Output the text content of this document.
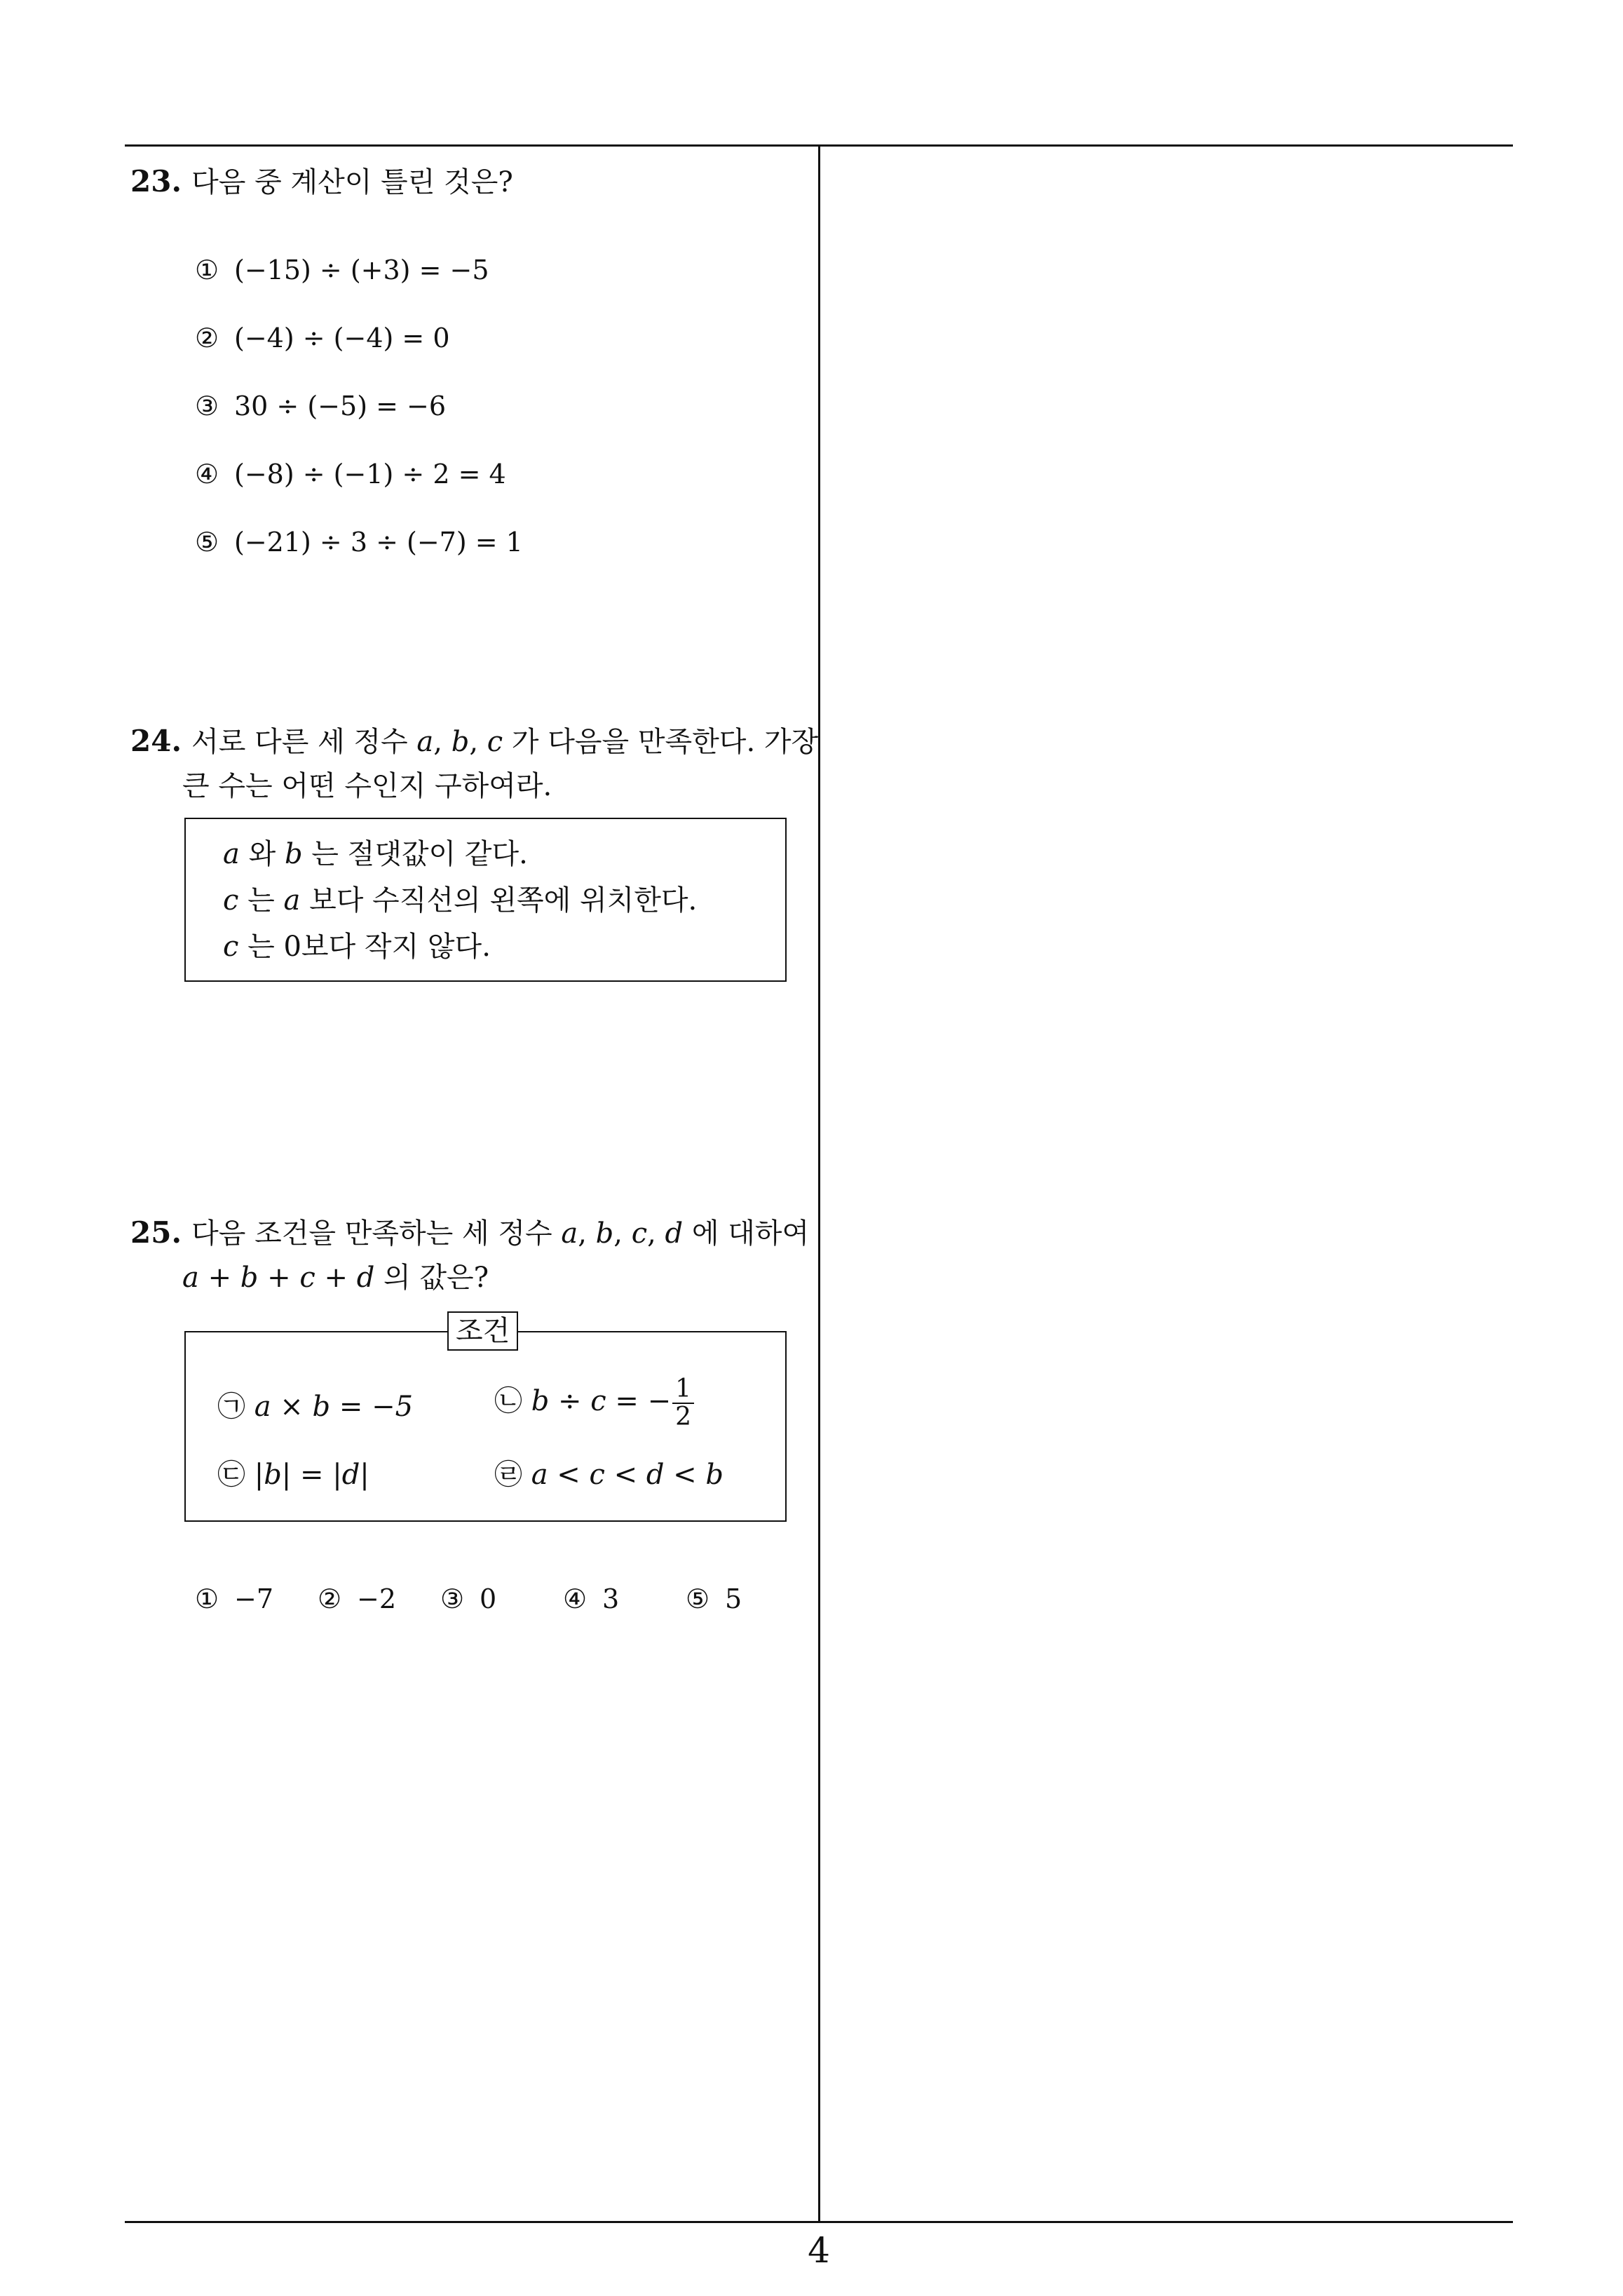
4
23. 다음 중 계산이 틀린 것은?
① (−15) ÷ (+3) = −5
② (−4) ÷ (−4) = 0
③ 30 ÷ (−5) = −6
④ (−8) ÷ (−1) ÷ 2 = 4
⑤ (−21) ÷ 3 ÷ (−7) = 1
24. 서로 다른 세 정수 a, b, c 가 다음을 만족한다. 가장
큰 수는 어떤 수인지 구하여라.
a 와 b 는 절댓값이 같다.
c 는 a 보다 수직선의 왼쪽에 위치한다.
c 는 0보다 작지 않다.
25. 다음 조건을 만족하는 세 정수 a, b, c, d 에 대하여
a + b + c + d 의 값은?
조건
㉠ a × b = −5	㉡ b ÷ c = − $\frac{1}{2}$
㉢ |b| = |d|	㉣ a < c < d < b
① −7 ② −2 ③ 0 ④ 3 ⑤ 5
